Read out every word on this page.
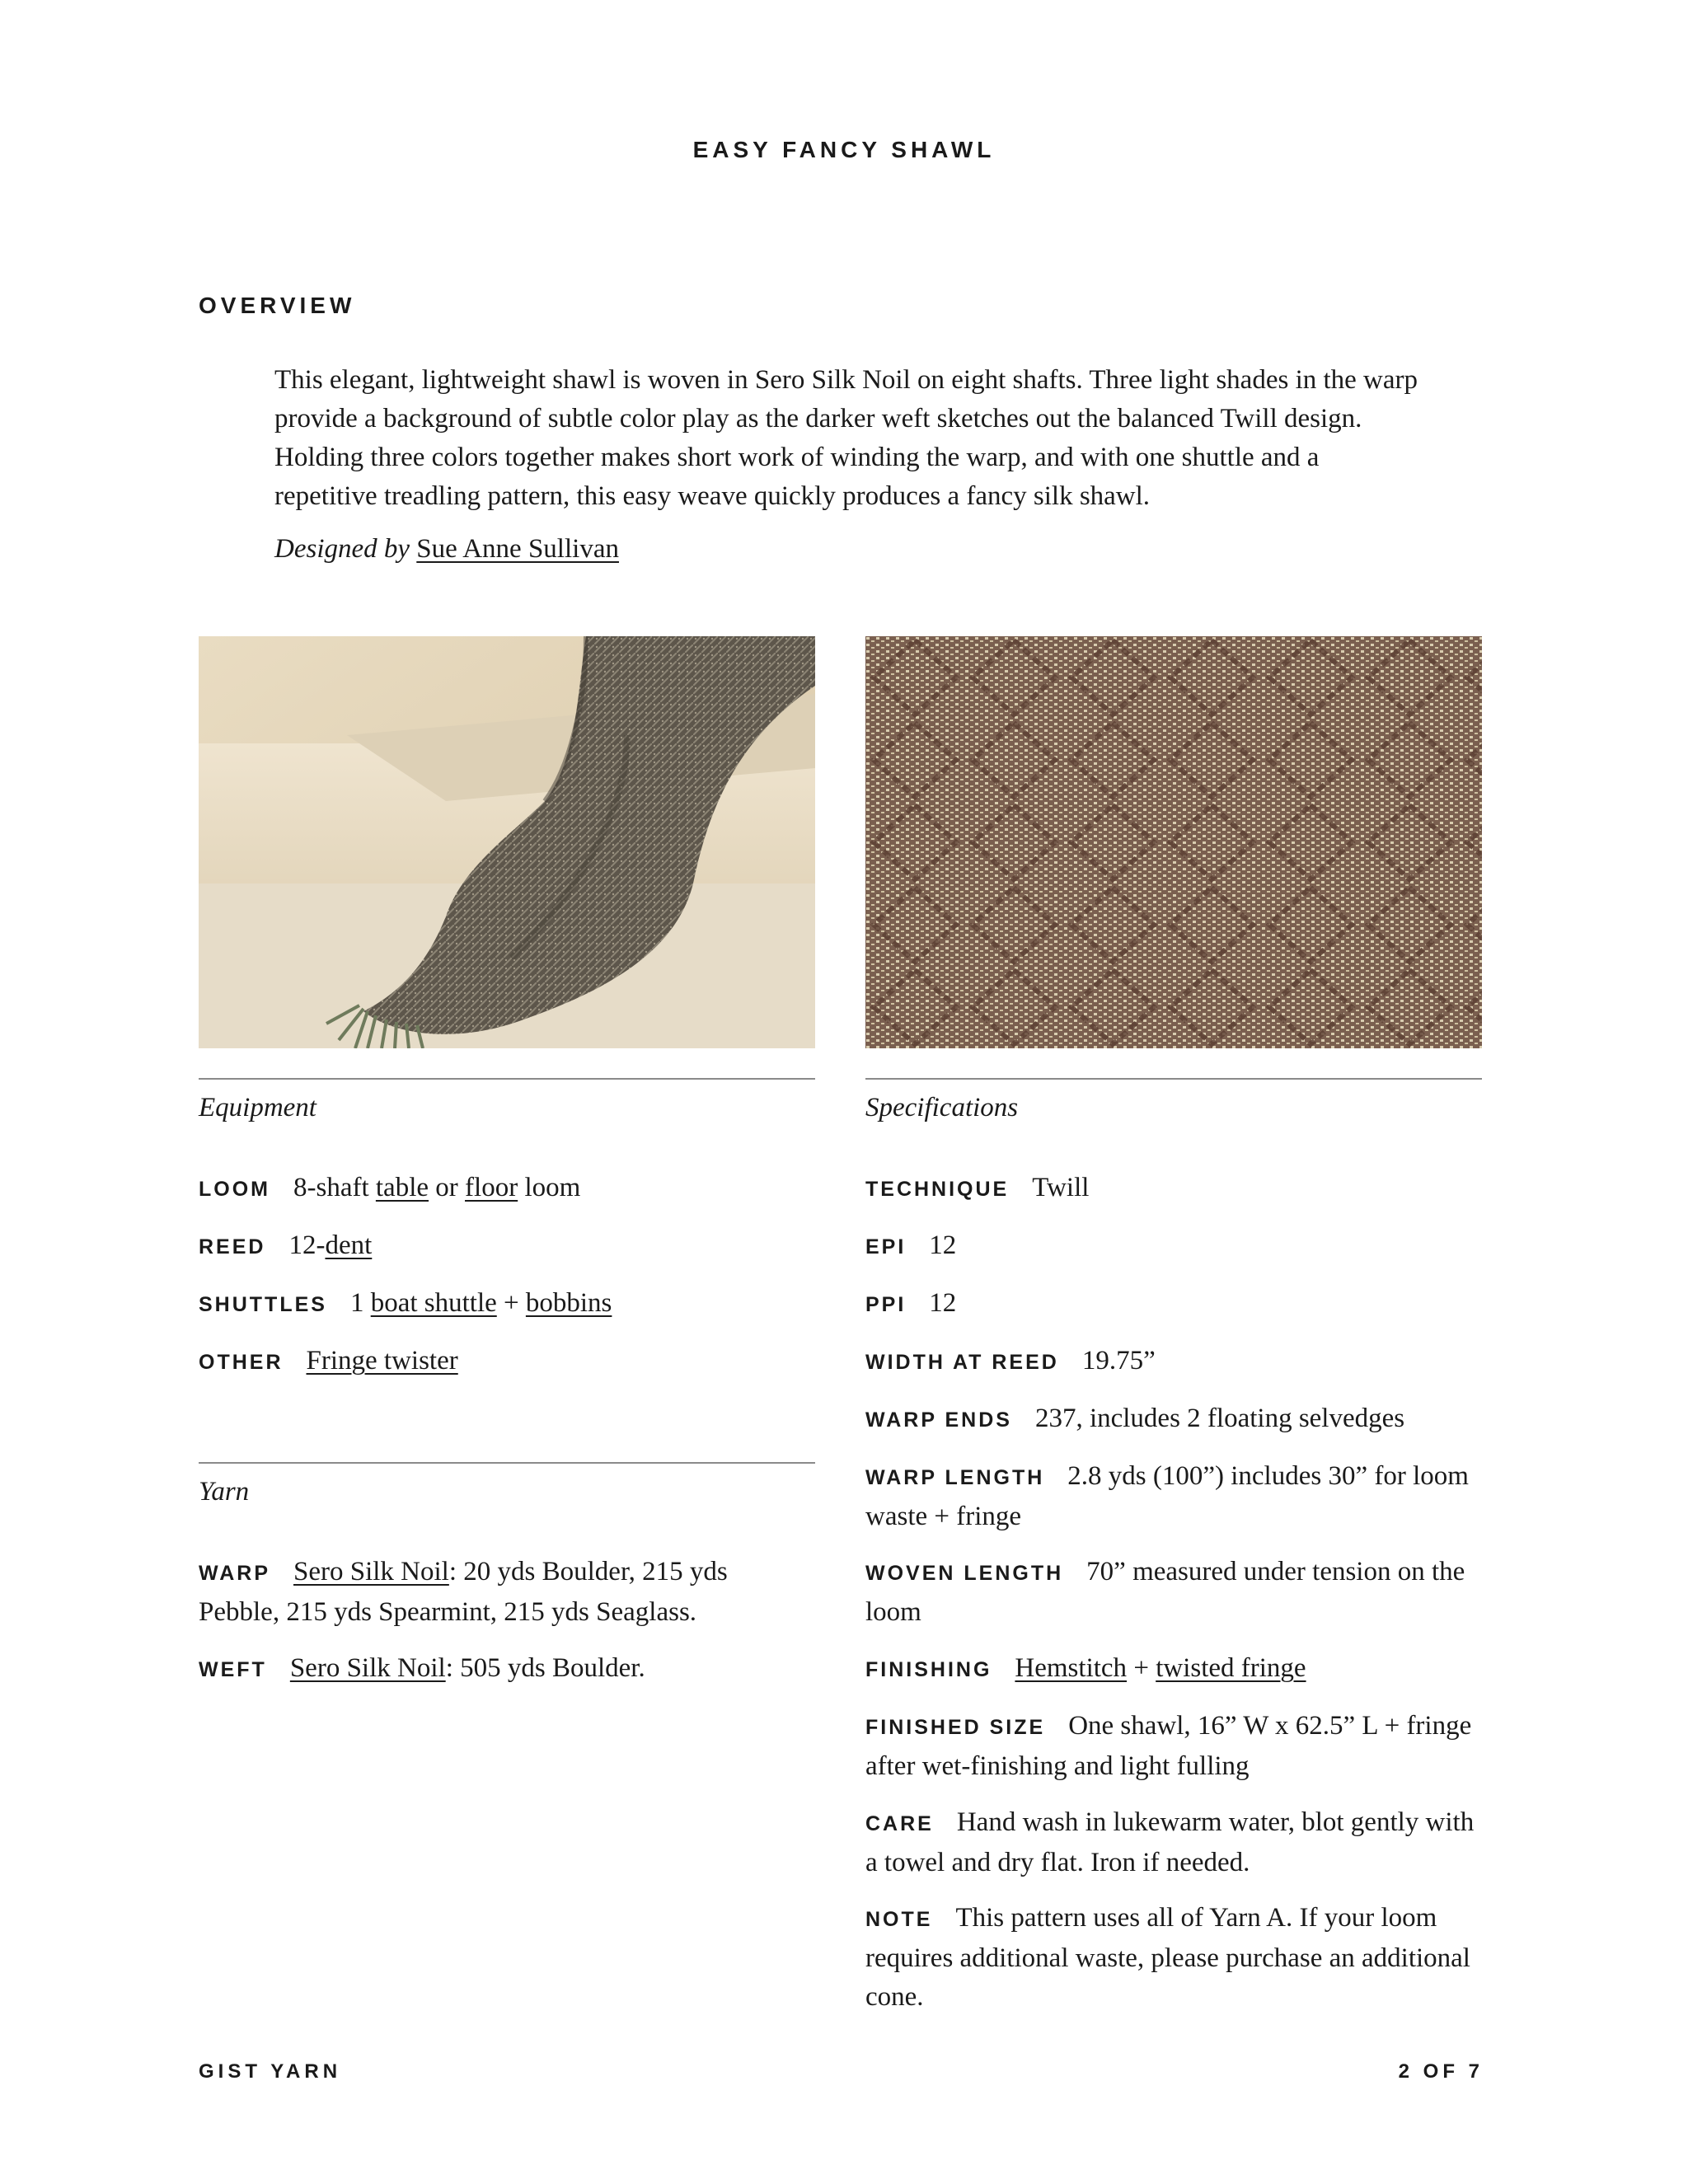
EASY FANCY SHAWL
OVERVIEW

This elegant, lightweight shawl is woven in Sero Silk Noil on eight shafts. Three light shades in the warp provide a background of subtle color play as the darker weft sketches out the balanced Twill design. Holding three colors together makes short work of winding the warp, and with one shuttle and a repetitive treadling pattern, this easy weave quickly produces a fancy silk shawl.

Designed by Sue Anne Sullivan
Equipment
LOOM 8-shaft table or floor loom
REED 12-dent
SHUTTLES 1 boat shuttle + bobbins
OTHER Fringe twister
Yarn
WARP Sero Silk Noil: 20 yds Boulder, 215 yds Pebble, 215 yds Spearmint, 215 yds Seaglass.
WEFT Sero Silk Noil: 505 yds Boulder.
Specifications
TECHNIQUE Twill
EPI 12
PPI 12
WIDTH AT REED 19.75”
WARP ENDS 237, includes 2 floating selvedges
WARP LENGTH 2.8 yds (100”) includes 30” for loom waste + fringe
WOVEN LENGTH 70” measured under tension on the loom
FINISHING Hemstitch + twisted fringe
FINISHED SIZE One shawl, 16” W x 62.5” L + fringe after wet-finishing and light fulling
CARE Hand wash in lukewarm water, blot gently with a towel and dry flat. Iron if needed.
NOTE This pattern uses all of Yarn A. If your loom requires additional waste, please purchase an additional cone.
GIST YARN	2 OF 7
